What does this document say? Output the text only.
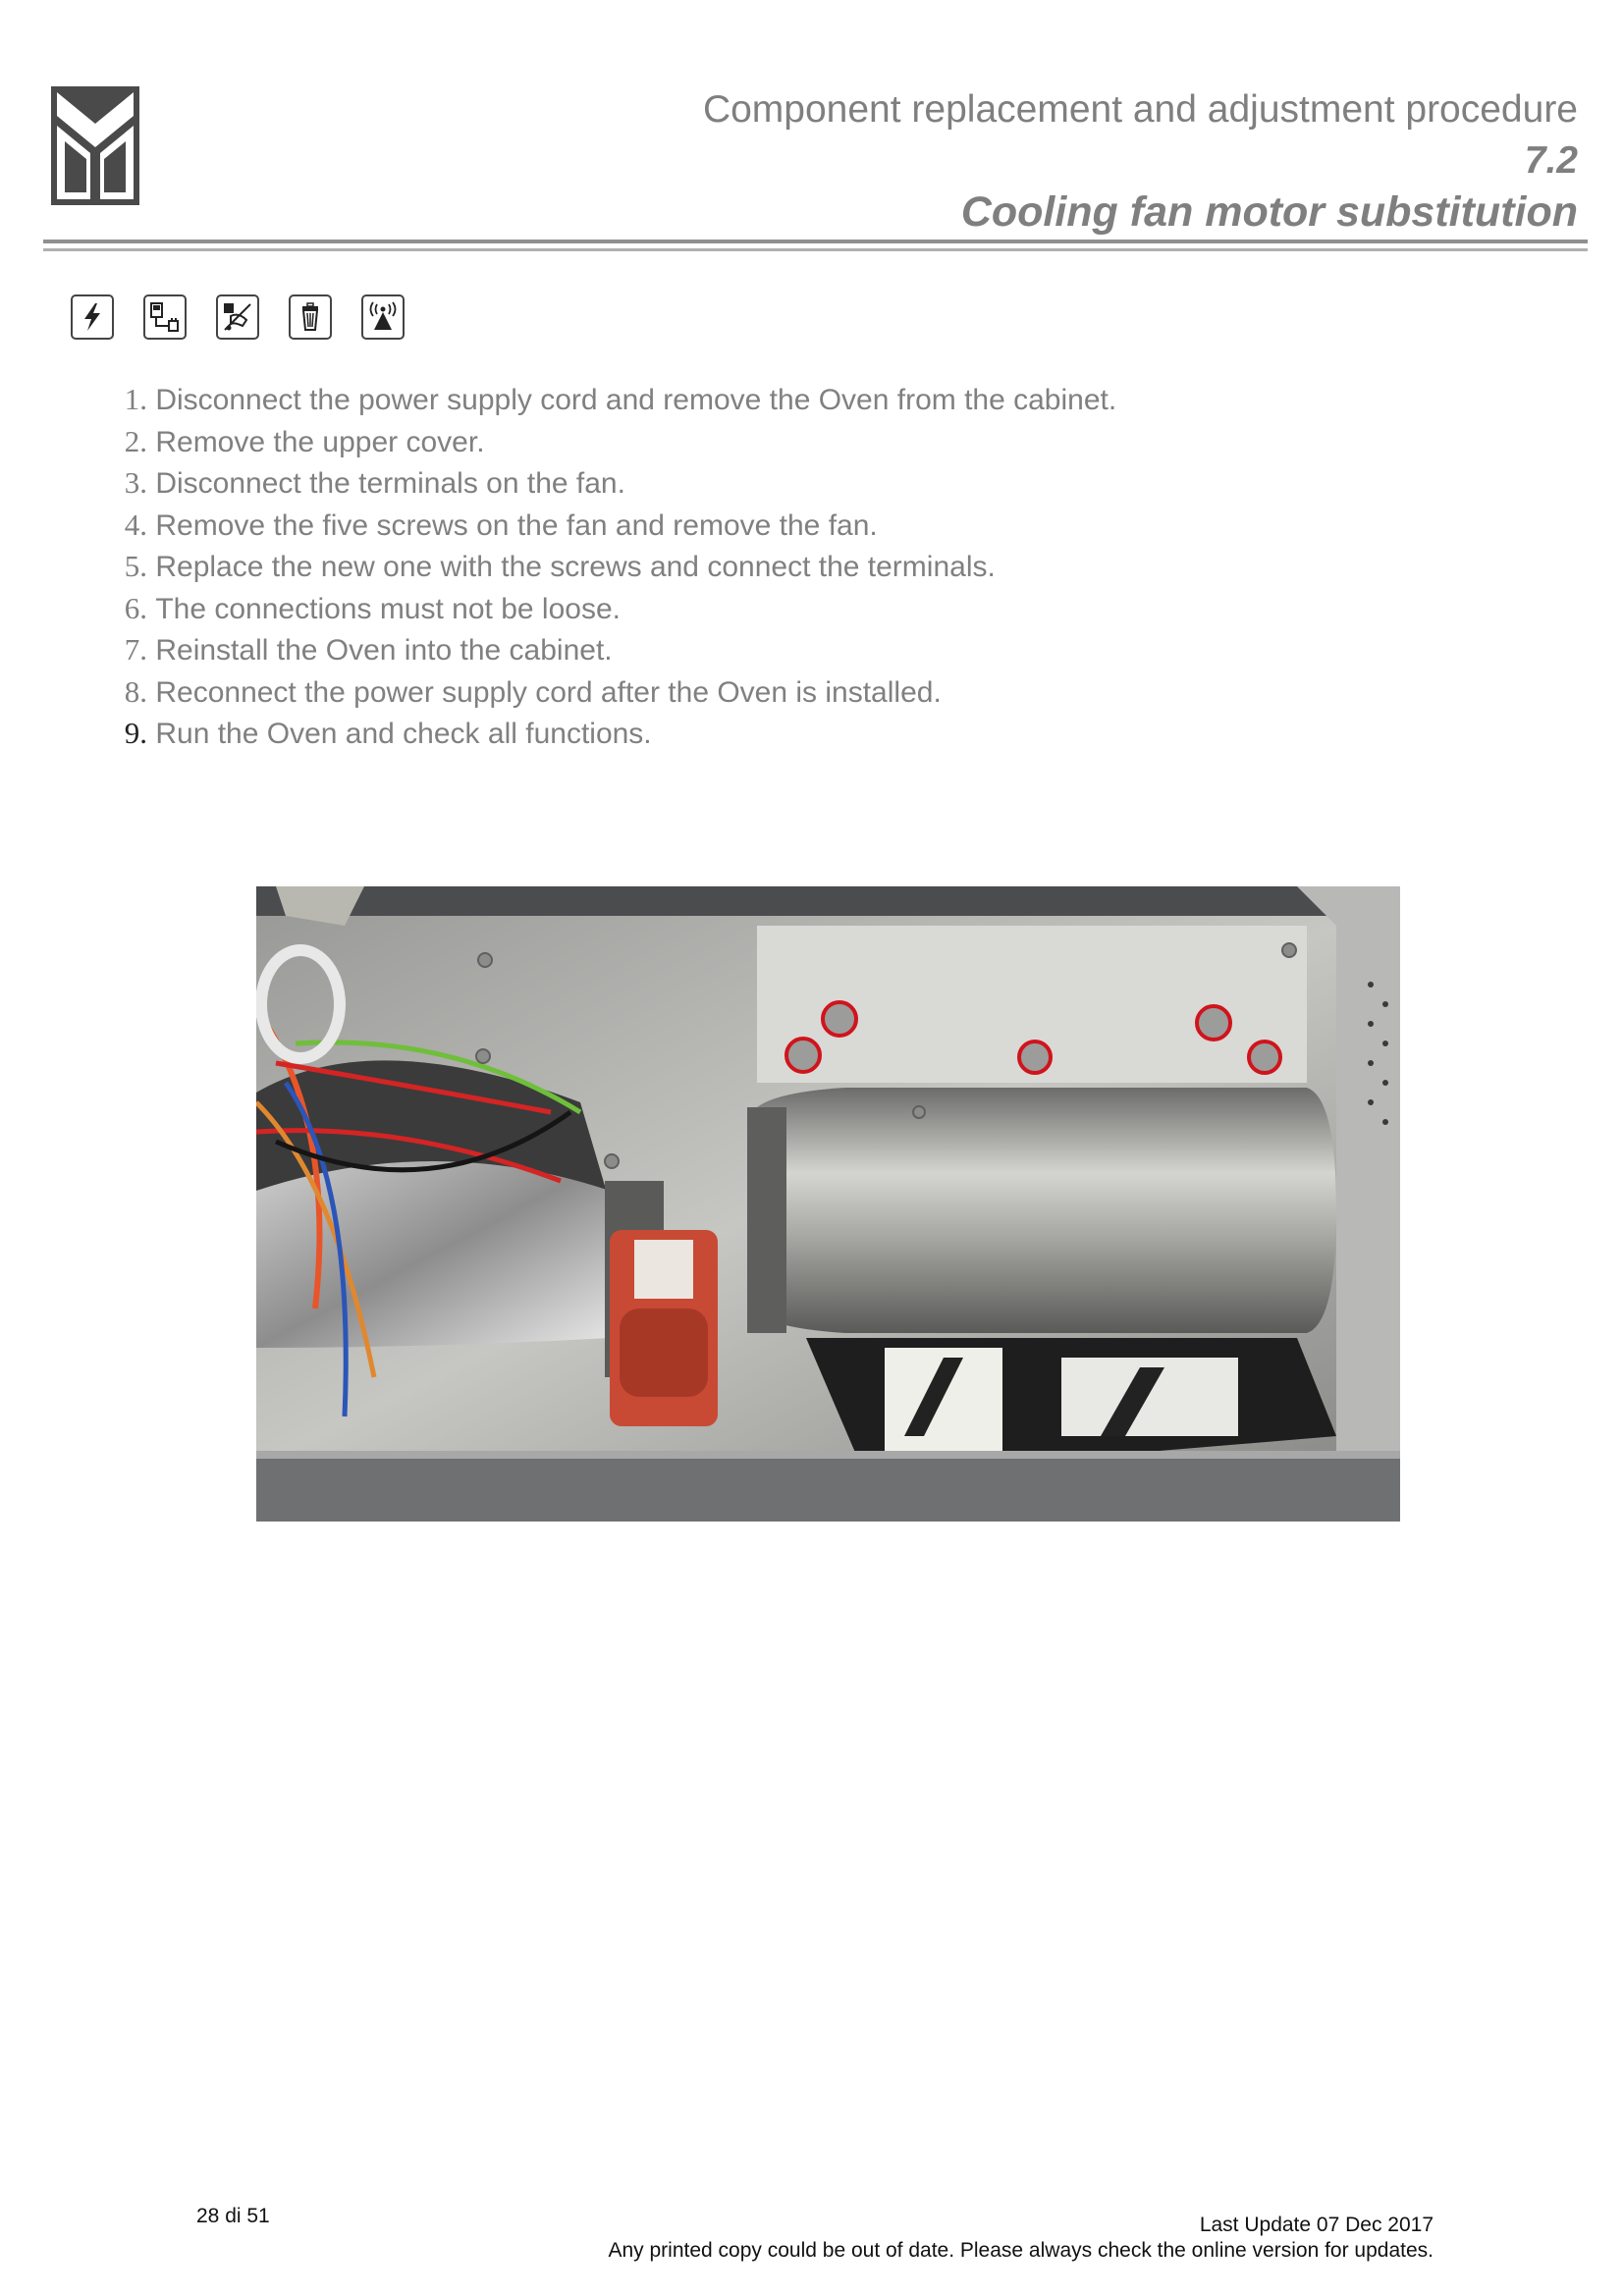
Component replacement and adjustment procedure
7.2
Cooling fan motor substitution
1.
Disconnect the power supply cord and remove the Oven from the cabinet.
2.
Remove the upper cover.
3.
Disconnect the terminals on the fan.
4.
Remove the five screws on the fan and remove the fan.
5.
Replace the new one with the screws and connect the terminals.
6.
The connections must not be loose.
7.
Reinstall the Oven into the cabinet.
8.
Reconnect the power supply cord after the Oven is installed.
9.
Run the Oven and check all functions.
28 di 51	Last Update 07 Dec 2017
Any printed copy could be out of date. Please always check the online version for updates.
